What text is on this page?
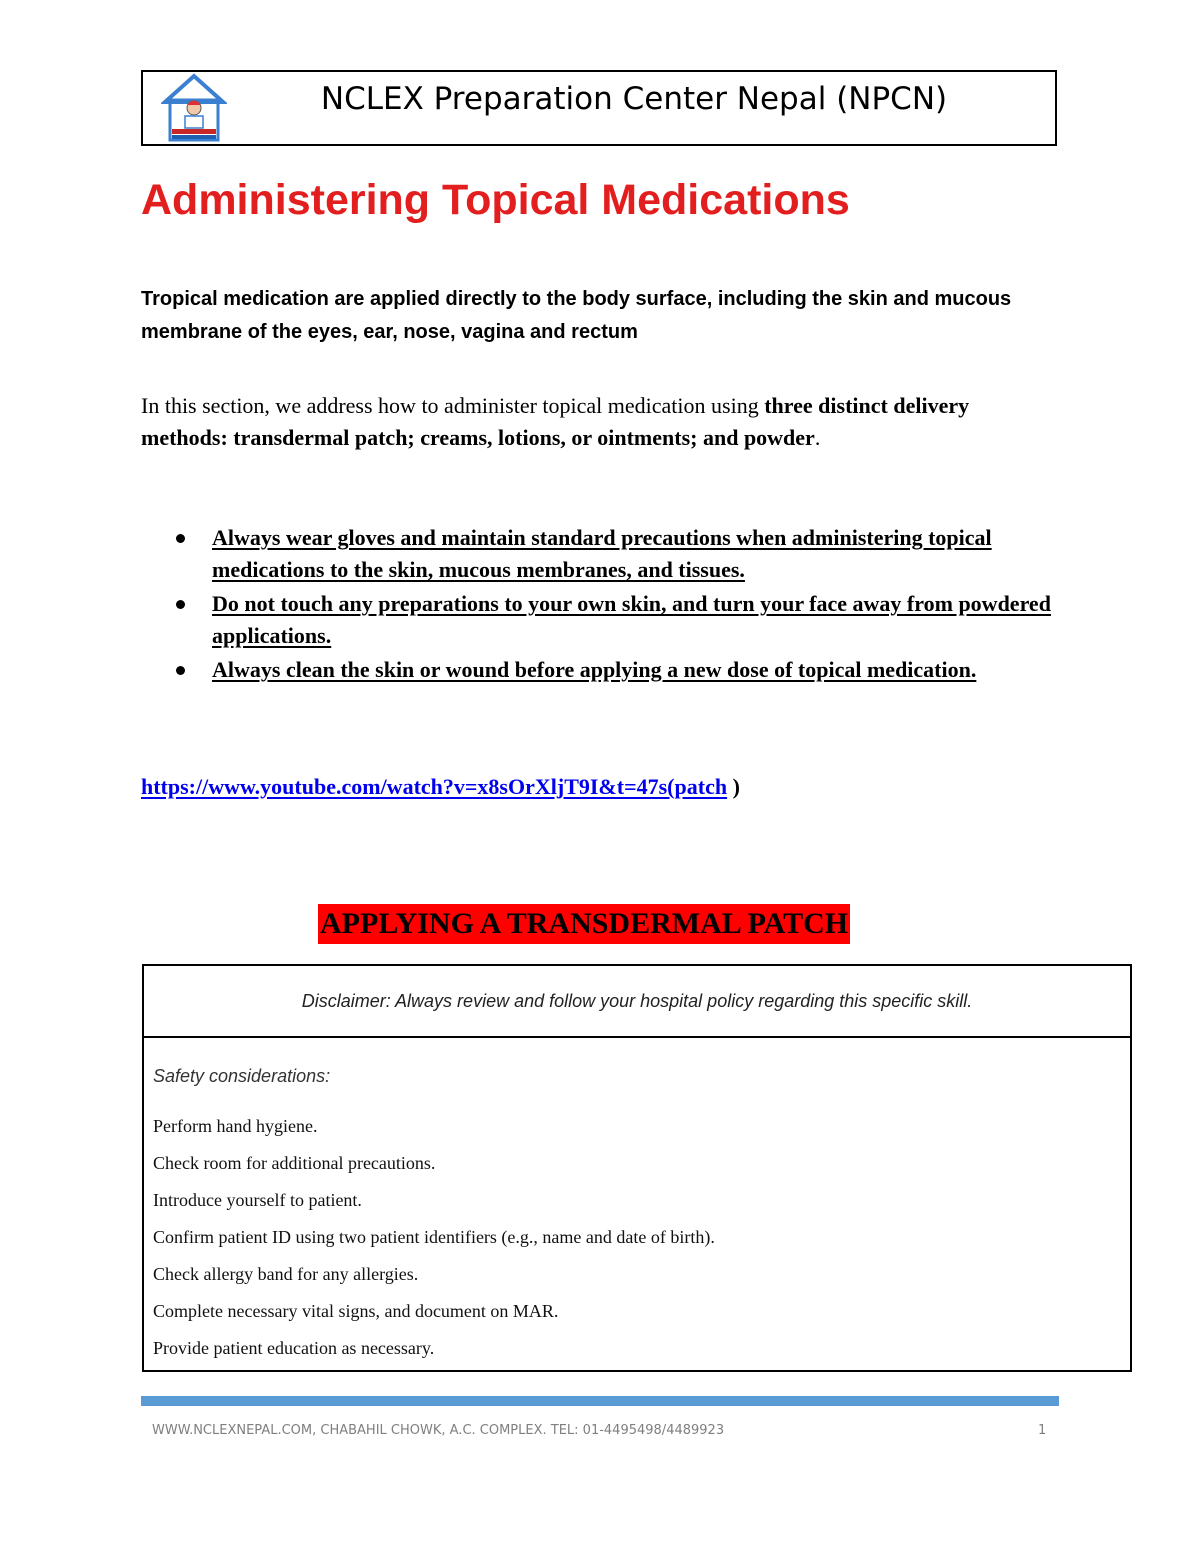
NCLEX Preparation Center Nepal (NPCN)
Administering Topical Medications

Tropical medication are applied directly to the body surface, including the skin and mucous membrane of the eyes, ear, nose, vagina and rectum

In this section, we address how to administer topical medication using three distinct delivery methods: transdermal patch; creams, lotions, or ointments; and powder.

Always wear gloves and maintain standard precautions when administering topical medications to the skin, mucous membranes, and tissues.
Do not touch any preparations to your own skin, and turn your face away from powdered applications.
Always clean the skin or wound before applying a new dose of topical medication.
https://www.youtube.com/watch?v=x8sOrXljT9I&t=47s(patch )
APPLYING A TRANSDERMAL PATCH
Disclaimer: Always review and follow your hospital policy regarding this specific skill.
Safety considerations:
Perform hand hygiene.
Check room for additional precautions.
Introduce yourself to patient.
Confirm patient ID using two patient identifiers (e.g., name and date of birth).
Check allergy band for any allergies.
Complete necessary vital signs, and document on MAR.
Provide patient education as necessary.
WWW.NCLEXNEPAL.COM, CHABAHIL CHOWK, A.C. COMPLEX. TEL: 01-4495498/4489923	1
